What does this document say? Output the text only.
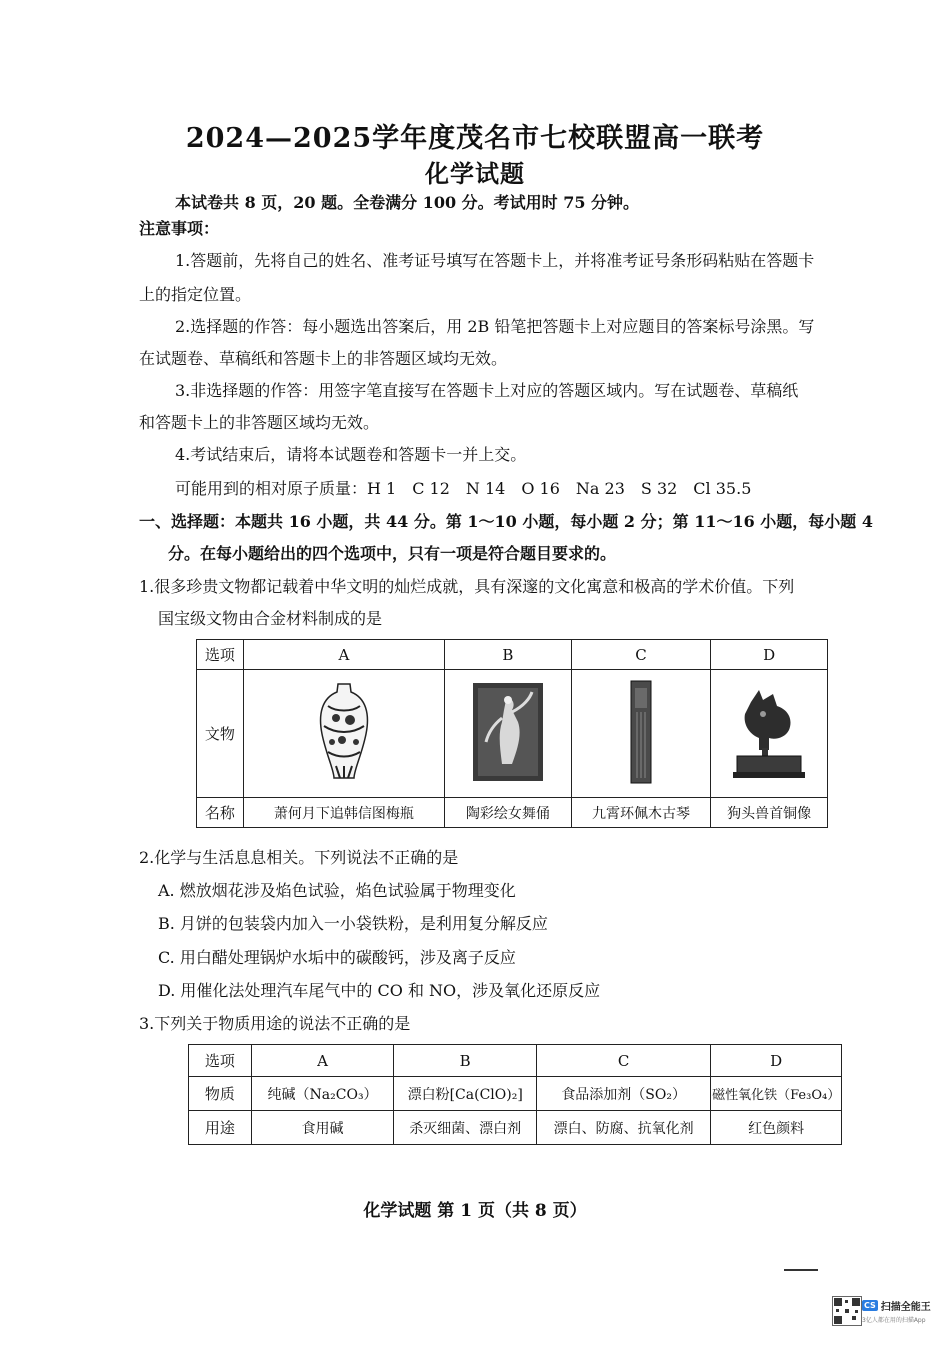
2024—2025学年度茂名市七校联盟高一联考
化学试题
本试卷共 8 页，20 题。全卷满分 100 分。考试用时 75 分钟。
注意事项：
1.答题前，先将自己的姓名、准考证号填写在答题卡上，并将准考证号条形码粘贴在答题卡
上的指定位置。
2.选择题的作答：每小题选出答案后，用 2B 铅笔把答题卡上对应题目的答案标号涂黑。写
在试题卷、草稿纸和答题卡上的非答题区域均无效。
3.非选择题的作答：用签字笔直接写在答题卡上对应的答题区域内。写在试题卷、草稿纸
和答题卡上的非答题区域均无效。
4.考试结束后，请将本试题卷和答题卡一并上交。
可能用到的相对原子质量：H 1　C 12　N 14　O 16　Na 23　S 32　Cl 35.5
一、选择题：本题共 16 小题，共 44 分。第 1～10 小题，每小题 2 分；第 11～16 小题，每小题 4
分。在每小题给出的四个选项中，只有一项是符合题目要求的。
1.很多珍贵文物都记载着中华文明的灿烂成就，具有深邃的文化寓意和极高的学术价值。下列
国宝级文物由合金材料制成的是
选项	A	B	C	D
文物				
名称	萧何月下追韩信图梅瓶	陶彩绘女舞俑	九霄环佩木古琴	狗头兽首铜像
2.化学与生活息息相关。下列说法不正确的是
A. 燃放烟花涉及焰色试验，焰色试验属于物理变化
B. 月饼的包装袋内加入一小袋铁粉，是利用复分解反应
C. 用白醋处理锅炉水垢中的碳酸钙，涉及离子反应
D. 用催化法处理汽车尾气中的 CO 和 NO，涉及氧化还原反应
3.下列关于物质用途的说法不正确的是
选项	A	B	C	D
物质	纯碱（Na₂CO₃）	漂白粉[Ca(ClO)₂]	食品添加剂（SO₂）	磁性氧化铁（Fe₃O₄）
用途	食用碱	杀灭细菌、漂白剂	漂白、防腐、抗氧化剂	红色颜料
化学试题 第 1 页（共 8 页）
CS 扫描全能王
3亿人都在用的扫描App
